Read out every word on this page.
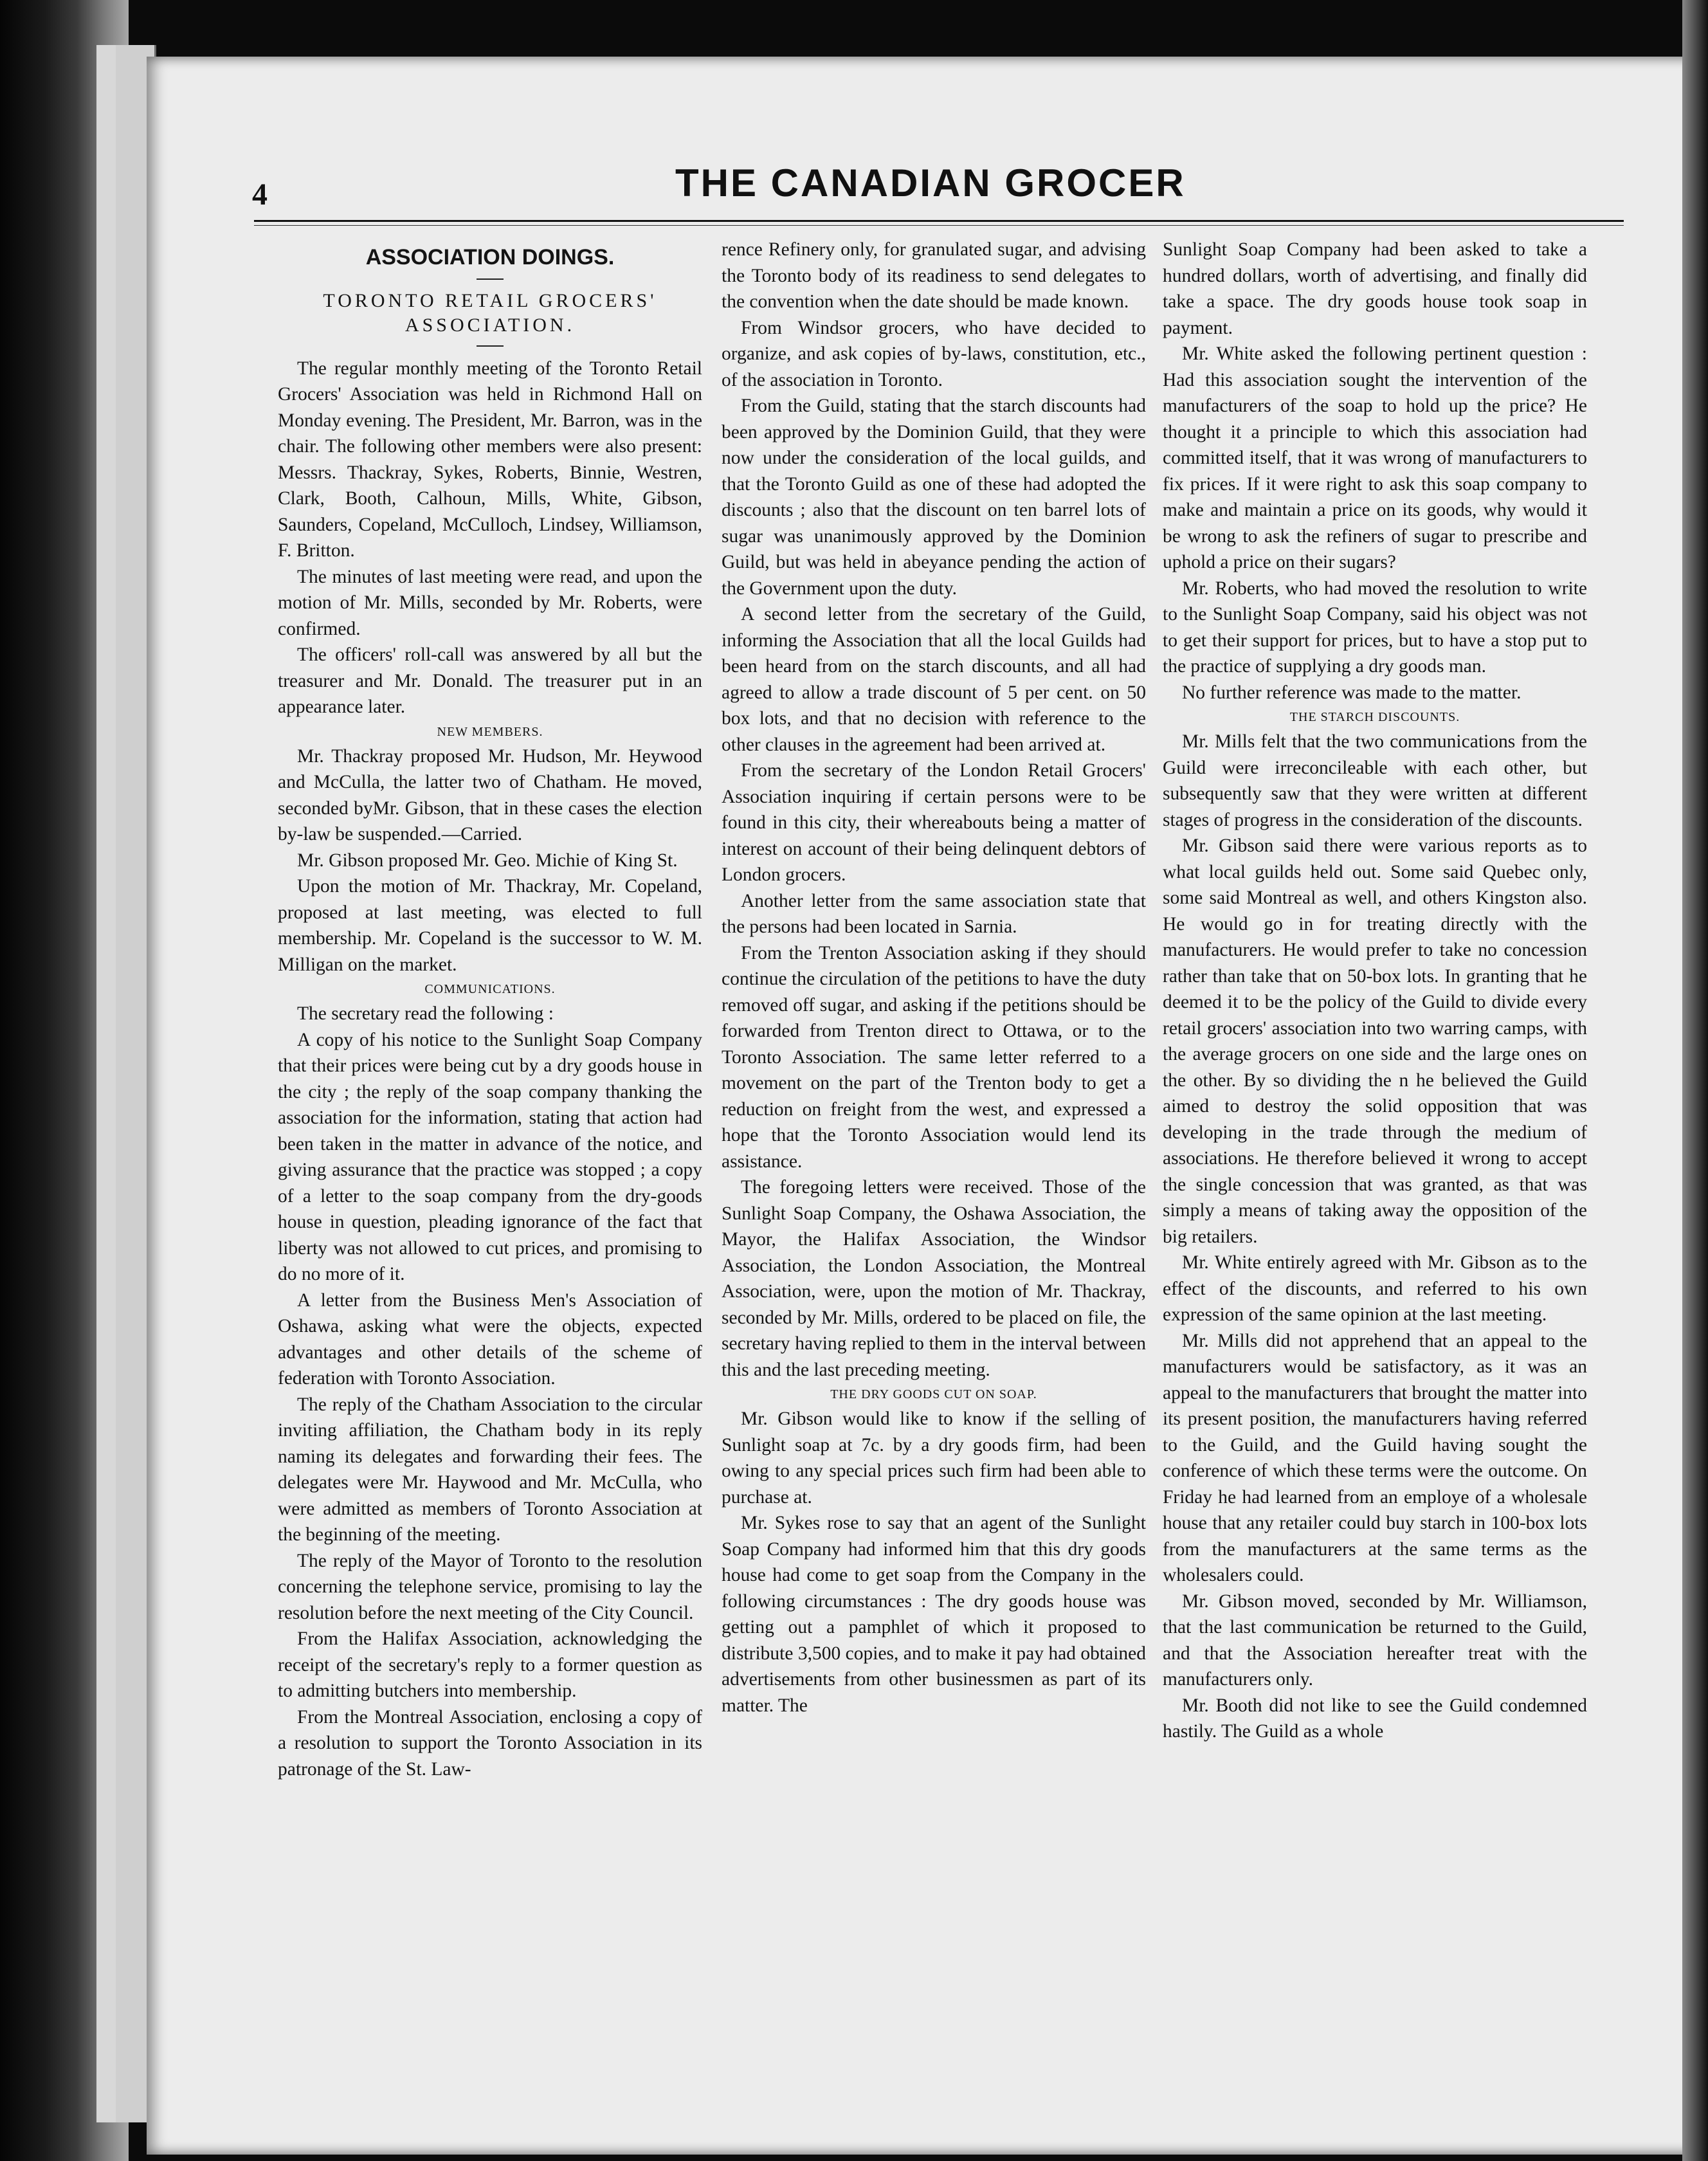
4	THE CANADIAN GROCER
ASSOCIATION DOINGS.
TORONTO RETAIL GROCERS' ASSOCIATION.

The regular monthly meeting of the Toronto Retail Grocers' Association was held in Richmond Hall on Monday evening. The President, Mr. Barron, was in the chair. The following other members were also present: Messrs. Thackray, Sykes, Roberts, Binnie, Westren, Clark, Booth, Calhoun, Mills, White, Gibson, Saunders, Copeland, McCulloch, Lindsey, Williamson, F. Britton.

The minutes of last meeting were read, and upon the motion of Mr. Mills, seconded by Mr. Roberts, were confirmed.

The officers' roll-call was answered by all but the treasurer and Mr. Donald. The treasurer put in an appearance later.

NEW MEMBERS.

Mr. Thackray proposed Mr. Hudson, Mr. Heywood and McCulla, the latter two of Chatham. He moved, seconded byMr. Gibson, that in these cases the election by-law be suspended.—Carried.

Mr. Gibson proposed Mr. Geo. Michie of King St.

Upon the motion of Mr. Thackray, Mr. Copeland, proposed at last meeting, was elected to full membership. Mr. Copeland is the successor to W. M. Milligan on the market.

COMMUNICATIONS.

The secretary read the following :

A copy of his notice to the Sunlight Soap Company that their prices were being cut by a dry goods house in the city ; the reply of the soap company thanking the association for the information, stating that action had been taken in the matter in advance of the notice, and giving assurance that the practice was stopped ; a copy of a letter to the soap company from the dry-goods house in question, pleading ignorance of the fact that liberty was not allowed to cut prices, and promising to do no more of it.

A letter from the Business Men's Association of Oshawa, asking what were the objects, expected advantages and other details of the scheme of federation with Toronto Association.

The reply of the Chatham Association to the circular inviting affiliation, the Chatham body in its reply naming its delegates and forwarding their fees. The delegates were Mr. Haywood and Mr. McCulla, who were admitted as members of Toronto Association at the beginning of the meeting.

The reply of the Mayor of Toronto to the resolution concerning the telephone service, promising to lay the resolution before the next meeting of the City Council.

From the Halifax Association, acknowledging the receipt of the secretary's reply to a former question as to admitting butchers into membership.

From the Montreal Association, enclosing a copy of a resolution to support the Toronto Association in its patronage of the St. Law-

rence Refinery only, for granulated sugar, and advising the Toronto body of its readiness to send delegates to the convention when the date should be made known.

From Windsor grocers, who have decided to organize, and ask copies of by-laws, constitution, etc., of the association in Toronto.

From the Guild, stating that the starch discounts had been approved by the Dominion Guild, that they were now under the consideration of the local guilds, and that the Toronto Guild as one of these had adopted the discounts ; also that the discount on ten barrel lots of sugar was unanimously approved by the Dominion Guild, but was held in abeyance pending the action of the Government upon the duty.

A second letter from the secretary of the Guild, informing the Association that all the local Guilds had been heard from on the starch discounts, and all had agreed to allow a trade discount of 5 per cent. on 50 box lots, and that no decision with reference to the other clauses in the agreement had been arrived at.

From the secretary of the London Retail Grocers' Association inquiring if certain persons were to be found in this city, their whereabouts being a matter of interest on account of their being delinquent debtors of London grocers.

Another letter from the same association state that the persons had been located in Sarnia.

From the Trenton Association asking if they should continue the circulation of the petitions to have the duty removed off sugar, and asking if the petitions should be forwarded from Trenton direct to Ottawa, or to the Toronto Association. The same letter referred to a movement on the part of the Trenton body to get a reduction on freight from the west, and expressed a hope that the Toronto Association would lend its assistance.

The foregoing letters were received. Those of the Sunlight Soap Company, the Oshawa Association, the Mayor, the Halifax Association, the Windsor Association, the London Association, the Montreal Association, were, upon the motion of Mr. Thackray, seconded by Mr. Mills, ordered to be placed on file, the secretary having replied to them in the interval between this and the last preceding meeting.

THE DRY GOODS CUT ON SOAP.

Mr. Gibson would like to know if the selling of Sunlight soap at 7c. by a dry goods firm, had been owing to any special prices such firm had been able to purchase at.

Mr. Sykes rose to say that an agent of the Sunlight Soap Company had informed him that this dry goods house had come to get soap from the Company in the following circumstances : The dry goods house was getting out a pamphlet of which it proposed to distribute 3,500 copies, and to make it pay had obtained advertisements from other businessmen as part of its matter. The

Sunlight Soap Company had been asked to take a hundred dollars, worth of advertising, and finally did take a space. The dry goods house took soap in payment.

Mr. White asked the following pertinent question : Had this association sought the intervention of the manufacturers of the soap to hold up the price? He thought it a principle to which this association had committed itself, that it was wrong of manufacturers to fix prices. If it were right to ask this soap company to make and maintain a price on its goods, why would it be wrong to ask the refiners of sugar to prescribe and uphold a price on their sugars?

Mr. Roberts, who had moved the resolution to write to the Sunlight Soap Company, said his object was not to get their support for prices, but to have a stop put to the practice of supplying a dry goods man.

No further reference was made to the matter.

THE STARCH DISCOUNTS.

Mr. Mills felt that the two communications from the Guild were irreconcileable with each other, but subsequently saw that they were written at different stages of progress in the consideration of the discounts.

Mr. Gibson said there were various reports as to what local guilds held out. Some said Quebec only, some said Montreal as well, and others Kingston also. He would go in for treating directly with the manufacturers. He would prefer to take no concession rather than take that on 50-box lots. In granting that he deemed it to be the policy of the Guild to divide every retail grocers' association into two warring camps, with the average grocers on one side and the large ones on the other. By so dividing the n he believed the Guild aimed to destroy the solid opposition that was developing in the trade through the medium of associations. He therefore believed it wrong to accept the single concession that was granted, as that was simply a means of taking away the opposition of the big retailers.

Mr. White entirely agreed with Mr. Gibson as to the effect of the discounts, and referred to his own expression of the same opinion at the last meeting.

Mr. Mills did not apprehend that an appeal to the manufacturers would be satisfactory, as it was an appeal to the manufacturers that brought the matter into its present position, the manufacturers having referred to the Guild, and the Guild having sought the conference of which these terms were the outcome. On Friday he had learned from an employe of a wholesale house that any retailer could buy starch in 100-box lots from the manufacturers at the same terms as the wholesalers could.

Mr. Gibson moved, seconded by Mr. Williamson, that the last communication be returned to the Guild, and that the Association hereafter treat with the manufacturers only.

Mr. Booth did not like to see the Guild condemned hastily. The Guild as a whole
